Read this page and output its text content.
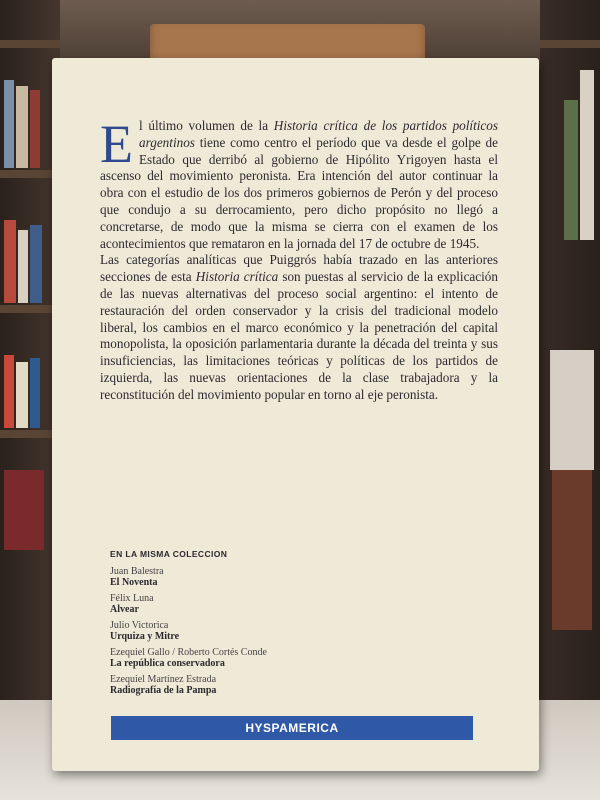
El último volumen de la Historia crítica de los partidos políticos argentinos tiene como centro el período que va desde el golpe de Estado que derribó al gobierno de Hipólito Yrigoyen hasta el ascenso del movimiento peronista. Era intención del autor continuar la obra con el estudio de los dos primeros gobiernos de Perón y del proceso que condujo a su derrocamiento, pero dicho propósito no llegó a concretarse, de modo que la misma se cierra con el examen de los acontecimientos que remataron en la jornada del 17 de octubre de 1945.

Las categorías analíticas que Puiggrós había trazado en las anteriores secciones de esta Historia crítica son puestas al servicio de la explicación de las nuevas alternativas del proceso social argentino: el intento de restauración del orden conservador y la crisis del tradicional modelo liberal, los cambios en el marco económico y la penetración del capital monopolista, la oposición parlamentaria durante la década del treinta y sus insuficiencias, las limitaciones teóricas y políticas de los partidos de izquierda, las nuevas orientaciones de la clase trabajadora y la reconstitución del movimiento popular en torno al eje peronista.

EN LA MISMA COLECCION

Juan Balestra
El Noventa
Félix Luna
Alvear
Julio Victorica
Urquiza y Mitre
Ezequiel Gallo / Roberto Cortés Conde
La república conservadora
Ezequiel Martínez Estrada
Radiografía de la Pampa
HYSPAMERICA
